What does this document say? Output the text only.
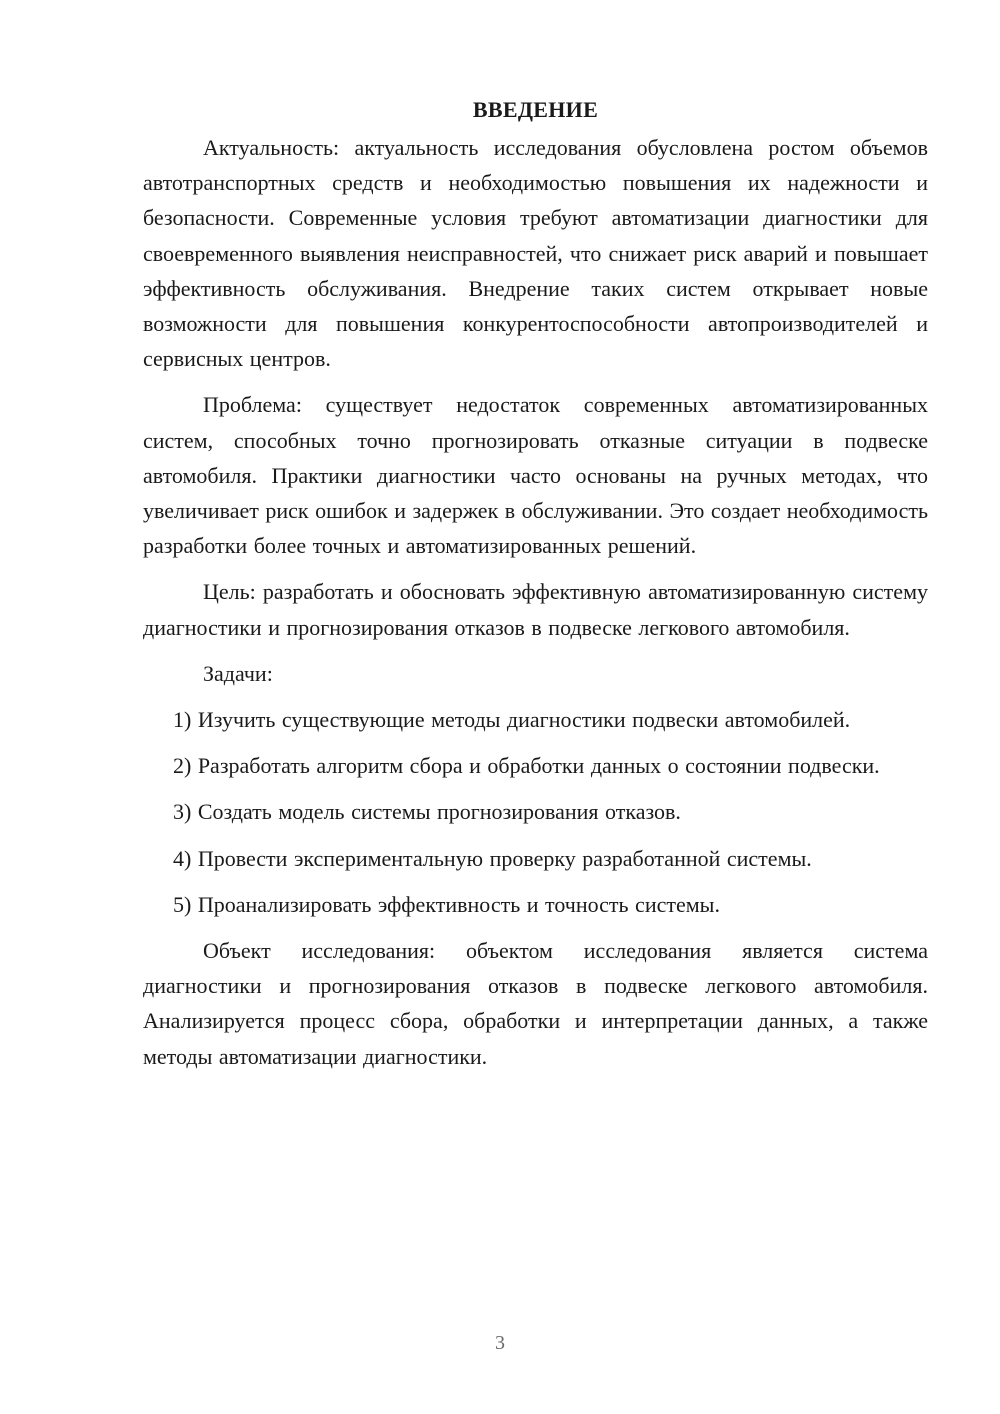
ВВЕДЕНИЕ

Актуальность: актуальность исследования обусловлена ростом объемов автотранспортных средств и необходимостью повышения их надежности и безопасности. Современные условия требуют автоматизации диагностики для своевременного выявления неисправностей, что снижает риск аварий и повышает эффективность обслуживания. Внедрение таких систем открывает новые возможности для повышения конкурентоспособности автопроизводителей и сервисных центров.

Проблема: существует недостаток современных автоматизированных систем, способных точно прогнозировать отказные ситуации в подвеске автомобиля. Практики диагностики часто основаны на ручных методах, что увеличивает риск ошибок и задержек в обслуживании. Это создает необходимость разработки более точных и автоматизированных решений.

Цель: разработать и обосновать эффективную автоматизированную систему диагностики и прогнозирования отказов в подвеске легкового автомобиля.

Задачи:

1) Изучить существующие методы диагностики подвески автомобилей.

2) Разработать алгоритм сбора и обработки данных о состоянии подвески.

3) Создать модель системы прогнозирования отказов.

4) Провести экспериментальную проверку разработанной системы.

5) Проанализировать эффективность и точность системы.

Объект исследования: объектом исследования является система диагностики и прогнозирования отказов в подвеске легкового автомобиля. Анализируется процесс сбора, обработки и интерпретации данных, а также методы автоматизации диагностики.

3
